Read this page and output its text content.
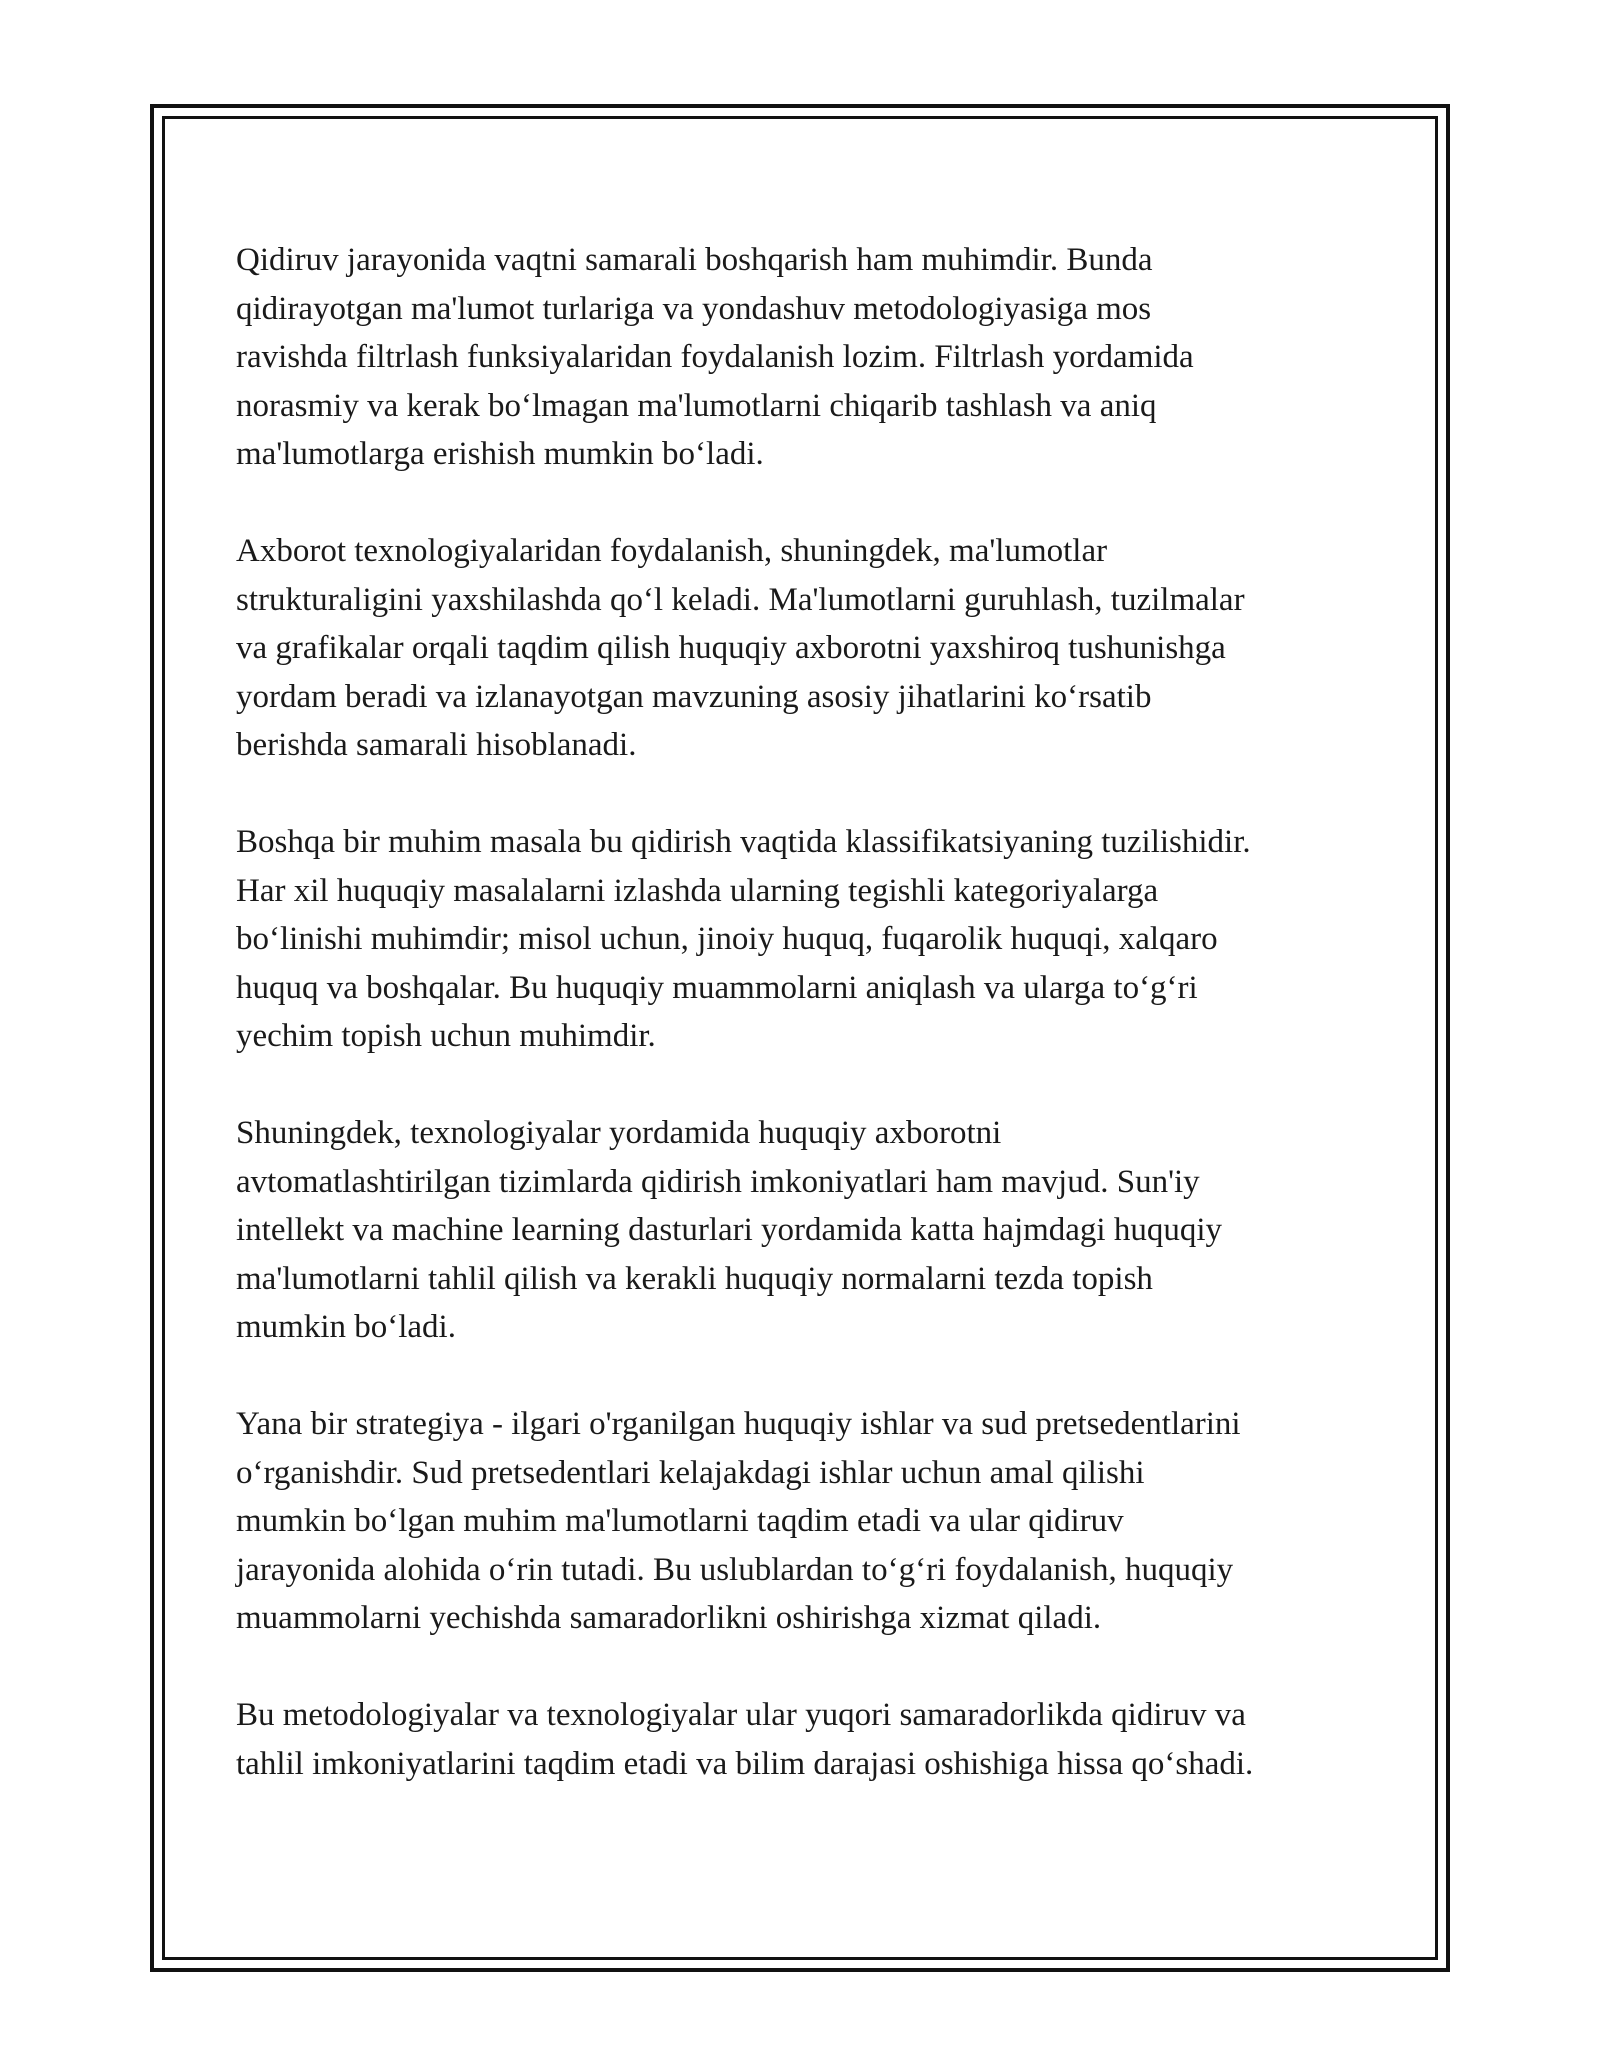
Qidiruv jarayonida vaqtni samarali boshqarish ham muhimdir. Bunda
qidirayotgan ma'lumot turlariga va yondashuv metodologiyasiga mos
ravishda filtrlash funksiyalaridan foydalanish lozim. Filtrlash yordamida
norasmiy va kerak boʻlmagan ma'lumotlarni chiqarib tashlash va aniq
ma'lumotlarga erishish mumkin boʻladi.

Axborot texnologiyalaridan foydalanish, shuningdek, ma'lumotlar
strukturaligini yaxshilashda qoʻl keladi. Ma'lumotlarni guruhlash, tuzilmalar
va grafikalar orqali taqdim qilish huquqiy axborotni yaxshiroq tushunishga
yordam beradi va izlanayotgan mavzuning asosiy jihatlarini koʻrsatib
berishda samarali hisoblanadi.

Boshqa bir muhim masala bu qidirish vaqtida klassifikatsiyaning tuzilishidir.
Har xil huquqiy masalalarni izlashda ularning tegishli kategoriyalarga
boʻlinishi muhimdir; misol uchun, jinoiy huquq, fuqarolik huquqi, xalqaro
huquq va boshqalar. Bu huquqiy muammolarni aniqlash va ularga toʻgʻri
yechim topish uchun muhimdir.

Shuningdek, texnologiyalar yordamida huquqiy axborotni
avtomatlashtirilgan tizimlarda qidirish imkoniyatlari ham mavjud. Sun'iy
intellekt va machine learning dasturlari yordamida katta hajmdagi huquqiy
ma'lumotlarni tahlil qilish va kerakli huquqiy normalarni tezda topish
mumkin boʻladi.

Yana bir strategiya - ilgari o'rganilgan huquqiy ishlar va sud pretsedentlarini
oʻrganishdir. Sud pretsedentlari kelajakdagi ishlar uchun amal qilishi
mumkin boʻlgan muhim ma'lumotlarni taqdim etadi va ular qidiruv
jarayonida alohida oʻrin tutadi. Bu uslublardan toʻgʻri foydalanish, huquqiy
muammolarni yechishda samaradorlikni oshirishga xizmat qiladi.

Bu metodologiyalar va texnologiyalar ular yuqori samaradorlikda qidiruv va
tahlil imkoniyatlarini taqdim etadi va bilim darajasi oshishiga hissa qoʻshadi.
